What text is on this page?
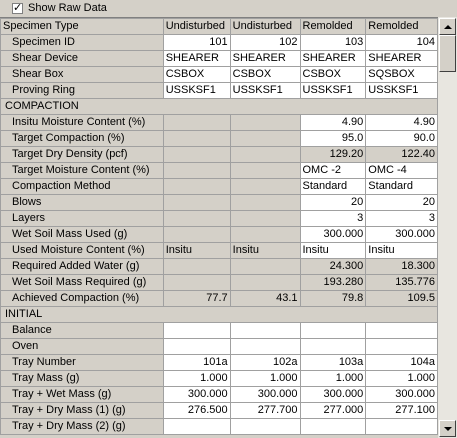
✓ Show Raw Data
Specimen Type	Undisturbed	Undisturbed	Remolded	Remolded
Specimen ID	101	102	103	104
Shear Device	SHEARER	SHEARER	SHEARER	SHEARER
Shear Box	CSBOX	CSBOX	CSBOX	SQSBOX
Proving Ring	USSKSF1	USSKSF1	USSKSF1	USSKSF1
COMPACTION				
Insitu Moisture Content (%)			4.90	4.90
Target Compaction (%)			95.0	90.0
Target Dry Density (pcf)			129.20	122.40
Target Moisture Content (%)			OMC -2	OMC -4
Compaction Method			Standard	Standard
Blows			20	20
Layers			3	3
Wet Soil Mass Used (g)			300.000	300.000
Used Moisture Content (%)	Insitu	Insitu	Insitu	Insitu
Required Added Water (g)			24.300	18.300
Wet Soil Mass Required (g)			193.280	135.776
Achieved Compaction (%)	77.7	43.1	79.8	109.5
INITIAL				
Balance				
Oven				
Tray Number	101a	102a	103a	104a
Tray Mass (g)	1.000	1.000	1.000	1.000
Tray + Wet Mass (g)	300.000	300.000	300.000	300.000
Tray + Dry Mass (1) (g)	276.500	277.700	277.000	277.100
Tray + Dry Mass (2) (g)				
